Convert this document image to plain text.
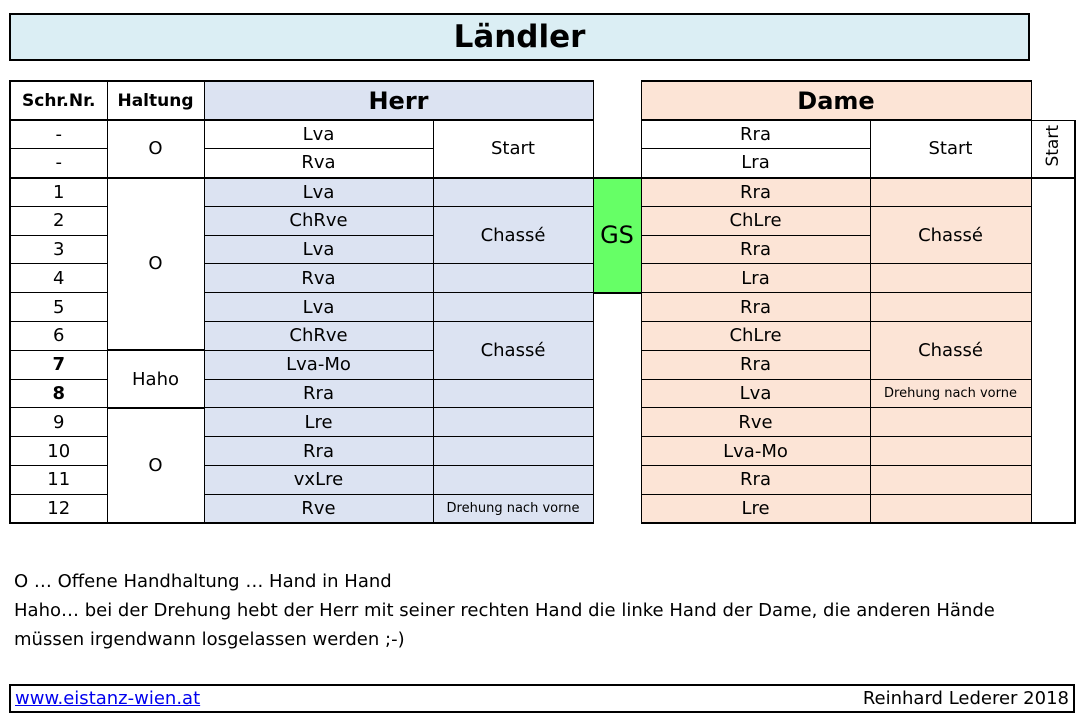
Ländler
Schr.Nr.	Haltung	Herr			Dame		
-	O	Lva	Start		Rra	Start	Start
-		Rva			Lra		
1	O	Lva		GS	Rra		
2		ChRve	Chassé		ChLre	Chassé	
3		Lva			Rra		
4		Rva			Lra		
5		Lva			Rra		
6		ChRve	Chassé		ChLre	Chassé	
7	Haho	Lva-Mo			Rra		
8		Rra			Lva	Drehung nach vorne	
9	O	Lre			Rve		
10		Rra			Lva-Mo		
11		vxLre			Rra		
12		Rve	Drehung nach vorne		Lre		
O … Offene Handhaltung … Hand in Hand
Haho… bei der Drehung hebt der Herr mit seiner rechten Hand die linke Hand der Dame, die anderen Hände
müssen irgendwann losgelassen werden ;-)
www.eistanz-wien.at	Reinhard Lederer 2018
